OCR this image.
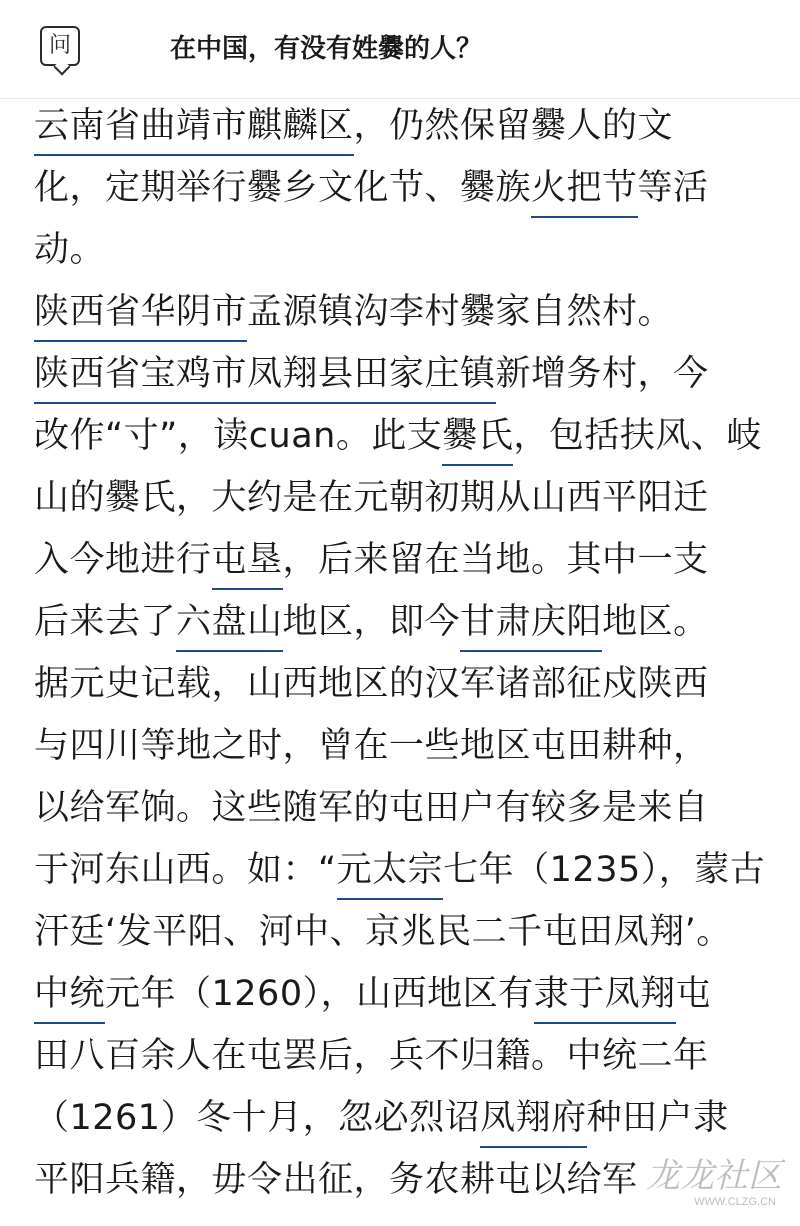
问	在中国，有没有姓爨的人？
云南省曲靖市麒麟区，仍然保留爨人的文
化，定期举行爨乡文化节、爨族火把节等活
动。
陕西省华阴市孟源镇沟李村爨家自然村。
陕西省宝鸡市凤翔县田家庄镇新增务村，今
改作“寸”，读cuan。此支爨氏，包括扶风、岐
山的爨氏，大约是在元朝初期从山西平阳迁
入今地进行屯垦，后来留在当地。其中一支
后来去了六盘山地区，即今甘肃庆阳地区。
据元史记载，山西地区的汉军诸部征戍陕西
与四川等地之时，曾在一些地区屯田耕种，
以给军饷。这些随军的屯田户有较多是来自
于河东山西。如：“元太宗七年（1235），蒙古
汗廷‘发平阳、河中、京兆民二千屯田凤翔’。
中统元年（1260），山西地区有隶于凤翔屯
田八百余人在屯罢后，兵不归籍。中统二年
（1261）冬十月，忽必烈诏凤翔府种田户隶
平阳兵籍，毋令出征，务农耕屯以给军 龙龙社区
WWW.CLZG.CN
